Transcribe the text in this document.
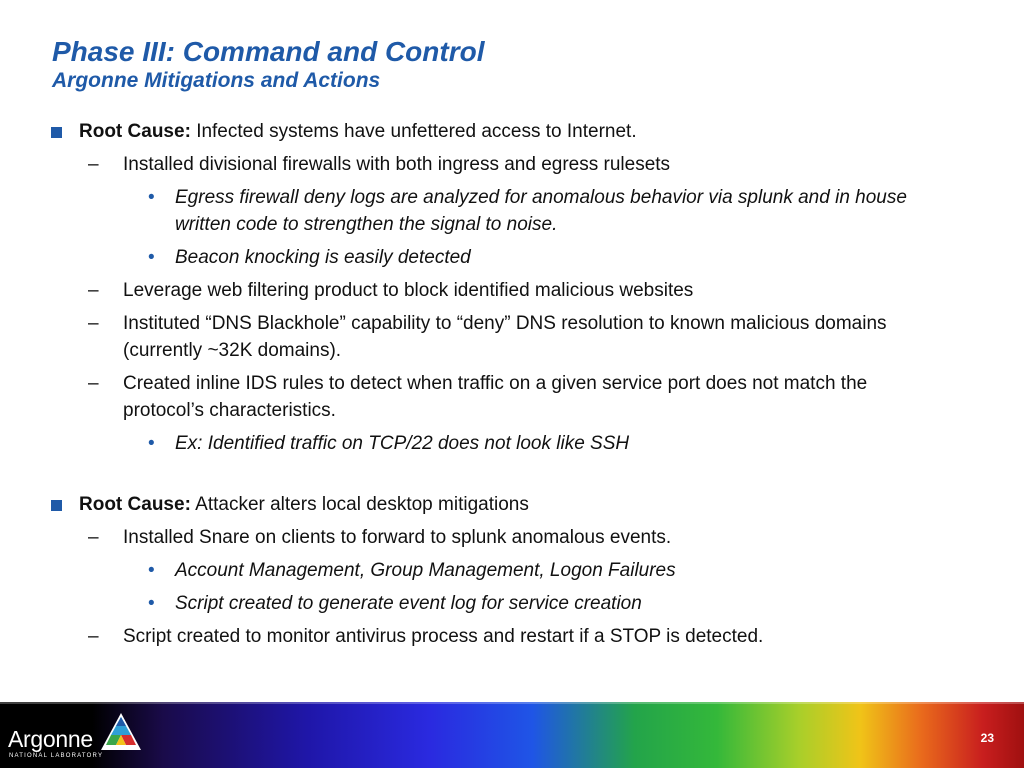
Phase III: Command and Control
Argonne Mitigations and Actions
Root Cause: Infected systems have unfettered access to Internet.
– Installed divisional firewalls with both ingress and egress rulesets
• Egress firewall deny logs are analyzed for anomalous behavior via splunk and in house written code to strengthen the signal to noise.
• Beacon knocking is easily detected
– Leverage web filtering product to block identified malicious websites
– Instituted “DNS Blackhole” capability to “deny” DNS resolution to known malicious domains (currently ~32K domains).
– Created inline IDS rules to detect when traffic on a given service port does not match the protocol’s characteristics.
• Ex: Identified traffic on TCP/22 does not look like SSH
Root Cause: Attacker alters local desktop mitigations
– Installed Snare on clients to forward to splunk anomalous events.
• Account Management, Group Management, Logon Failures
• Script created to generate event log for service creation
– Script created to monitor antivirus process and restart if a STOP is detected.
Argonne
NATIONAL LABORATORY
23
